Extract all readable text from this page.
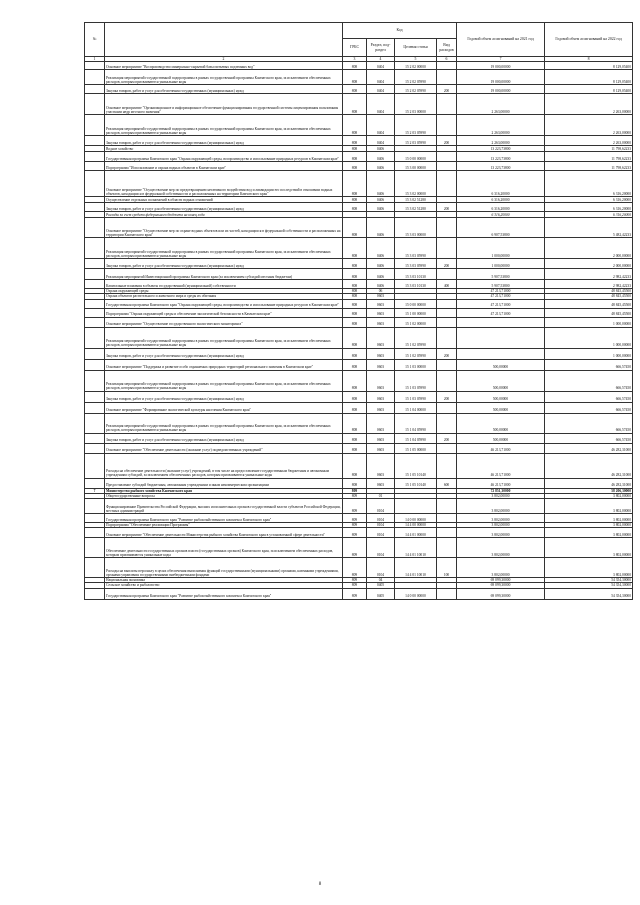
№		Код				Годовой объем ассигнований на 2021 год	Годовой объем ассигнований на 2022 год
		ГРБС	Раздел, под-раздел	Целевая статья	Вид расходов		
1	2	3	4	5	6	7	8
	Основное мероприятие "Воспроизводство минерально-сырьевой базы питьевых подземных вод"	808	0404	15 2 02 00000		19 000,00000	8 129,05400
	Реализация мероприятий государственной подпрограммы в рамках государственной программы Камчатского края, за исключением обеспеченных расходов, которым присваиваются уникальные коды	808	0404	15 2 02 05990		19 000,00000	8 129,05400
	Закупка товаров, работ и услуг для обеспечения государственных (муниципальных) нужд	808	0404	15 2 02 05990	200	19 000,00000	8 129,05400
	Основное мероприятие "Организационное и информационное обеспечение функционирования государственной системы лицензирования пользования участками недр местного значения"	808	0404	15 2 03 00000		2 263,00000	2 263,00000
	Реализация мероприятий государственной подпрограммы в рамках государственной программы Камчатского края, за исключением обеспеченных расходов, которым присваиваются уникальные коды	808	0404	15 2 03 05990		2 263,00000	2 263,00000
	Закупка товаров, работ и услуг для обеспечения государственных (муниципальных) нужд	808	0404	15 2 03 05990	200	2 263,00000	2 263,00000
	Водное хозяйство	808	0406			13 223,73800	11 798,62233
	Государственная программа Камчатского края "Охрана окружающей среды, воспроизводство и использование природных ресурсов в Камчатском крае"	808	0406	15 0 00 00000		13 223,73800	11 798,62233
	Подпрограмма "Использование и охрана водных объектов в Камчатском крае"	808	0406	15 3 00 00000		13 223,73800	11 798,62233
	Основное мероприятие "Осуществление мер по предотвращению негативного воздействия вод и ликвидации его последствий в отношении водных объектов, находящихся в федеральной собственности и расположенных на территории Камчатского края"	808	0406	15 3 02 00000		6 316,20000	6 316,20000
	Осуществление отдельных полномочий в области водных отношений	808	0406	15 3 02 51280		6 316,20000	6 316,20000
	Закупка товаров, работ и услуг для обеспечения государственных (муниципальных) нужд	808	0406	15 3 02 51280	200	6 316,20000	6 316,20000
	Расходы за счет средств федерального бюджета на конец года					6 316,20000	6 316,20000
	Основное мероприятие "Осуществление мер по охране водных объектов или их частей, находящихся в федеральной собственности и расположенных на территории Камчатского края"	808	0406	15 3 03 00000		6 907,53800	5 482,42233
	Реализация мероприятий государственной подпрограммы в рамках государственной программы Камчатского края, за исключением обеспеченных расходов, которым присваиваются уникальные коды	808	0406	15 3 03 05990		1 000,00000	2 000,00000
	Закупка товаров, работ и услуг для обеспечения государственных (муниципальных) нужд	808	0406	15 3 03 05990	200	1 000,00000	2 000,00000
	Реализация мероприятий Инвестиционной программы Камчатского края (за исключением субсидий местным бюджетам)	808	0406	15 3 03 10130		5 907,53800	2 982,42233
	Капитальные вложения в объекты государственной (муниципальной) собственности	808	0406	15 3 03 10130	400	5 907,53800	2 982,42233
	Охрана окружающей среды	808	06			47 213,71000	48 845,45500
	Охрана объектов растительного и животного мира и среды их обитания	808	0603			47 213,71000	48 845,45500
	Государственная программа Камчатского края "Охрана окружающей среды, воспроизводство и использование природных ресурсов в Камчатском крае"	808	0603	15 0 00 00000		47 213,71000	48 845,45500
	Подпрограмма "Охрана окружающей среды и обеспечение экологической безопасности в Камчатском крае"	808	0603	15 1 00 00000		47 213,71000	48 845,45500
	Основное мероприятие "Осуществление государственного экологического мониторинга"	808	0603	15 1 02 00000			1 000,00000
	Реализация мероприятий государственной подпрограммы в рамках государственной программы Камчатского края, за исключением обеспеченных расходов, которым присваиваются уникальные коды	808	0603	15 1 02 05990			1 000,00000
	Закупка товаров, работ и услуг для обеспечения государственных (муниципальных) нужд	808	0603	15 1 02 05990	200		1 000,00000
	Основное мероприятие "Поддержка и развитие особо охраняемых природных территорий регионального значения в Камчатском крае"	808	0603	15 1 03 00000		500,00000	666,57450
	Реализация мероприятий государственной подпрограммы в рамках государственной программы Камчатского края, за исключением обеспеченных расходов, которым присваиваются уникальные коды	808	0603	15 1 03 05990		500,00000	666,57450
	Закупка товаров, работ и услуг для обеспечения государственных (муниципальных) нужд	808	0603	15 1 03 05990	200	500,00000	666,57450
	Основное мероприятие "Формирование экологической культуры населения Камчатского края"	808	0603	15 1 04 00000		500,00000	666,57450
	Реализация мероприятий государственной подпрограммы в рамках государственной программы Камчатского края, за исключением обеспеченных расходов, которым присваиваются уникальные коды	808	0603	15 1 04 05990		500,00000	666,57450
	Закупка товаров, работ и услуг для обеспечения государственных (муниципальных) нужд	808	0603	15 1 04 05990	200	500,00000	666,57450
	Основное мероприятие "Обеспечение деятельности (оказание услуг) подведомственных учреждений"	808	0603	15 1 05 00000		46 213,71000	46 282,31000
	Расходы на обеспечение деятельности (оказание услуг) учреждений, в том числе на предоставление государственным бюджетным и автономным учреждениям субсидий, за исключением обеспеченных расходов, которым присваиваются уникальные коды	808	0603	15 1 05 10140		46 213,71000	46 282,31000
	Предоставление субсидий бюджетным, автономным учреждениям и иным некоммерческим организациям	808	0603	15 1 05 10140	600	46 213,71000	46 282,31000
7	Министерство рыбного хозяйства Камчатского края	809				72 851,30000	58 206,30000
	Общегосударственные вопросы	809	01			3 802,00000	3 802,00000
	Функционирование Правительства Российской Федерации, высших исполнительных органов государственной власти субъектов Российской Федерации, местных администраций	809	0104			3 802,00000	3 802,00000
	Государственная программа Камчатского края "Развитие рыбохозяйственного комплекса Камчатского края"	809	0104	14 0 00 00000		3 802,00000	3 802,00000
	Подпрограмма "Обеспечение реализации Программы"	809	0104	14 4 00 00000		3 802,00000	3 802,00000
	Основное мероприятие "Обеспечение деятельности Министерства рыбного хозяйства Камчатского края в установленной сфере деятельности"	809	0104	14 4 01 00000		3 802,00000	3 802,00000
	Обеспечение деятельности государственных органов власти (государственных органов) Камчатского края, за исключением обеспеченных расходов, которым присваиваются уникальные коды	809	0104	14 4 01 10010		3 802,00000	3 802,00000
	Расходы на выплаты персоналу в целях обеспечения выполнения функций государственными (муниципальными) органами, казенными учреждениями, органами управления государственными внебюджетными фондами	809	0104	14 4 01 10010	100	3 802,00000	3 802,00000
	Национальная экономика	809	04			69 099,30000	54 354,30000
	Сельское хозяйство и рыболовство	809	0405			69 099,30000	54 354,30000
	Государственная программа Камчатского края "Развитие рыбохозяйственного комплекса Камчатского края"	809	0405	14 0 00 00000		69 099,30000	54 354,30000
8
